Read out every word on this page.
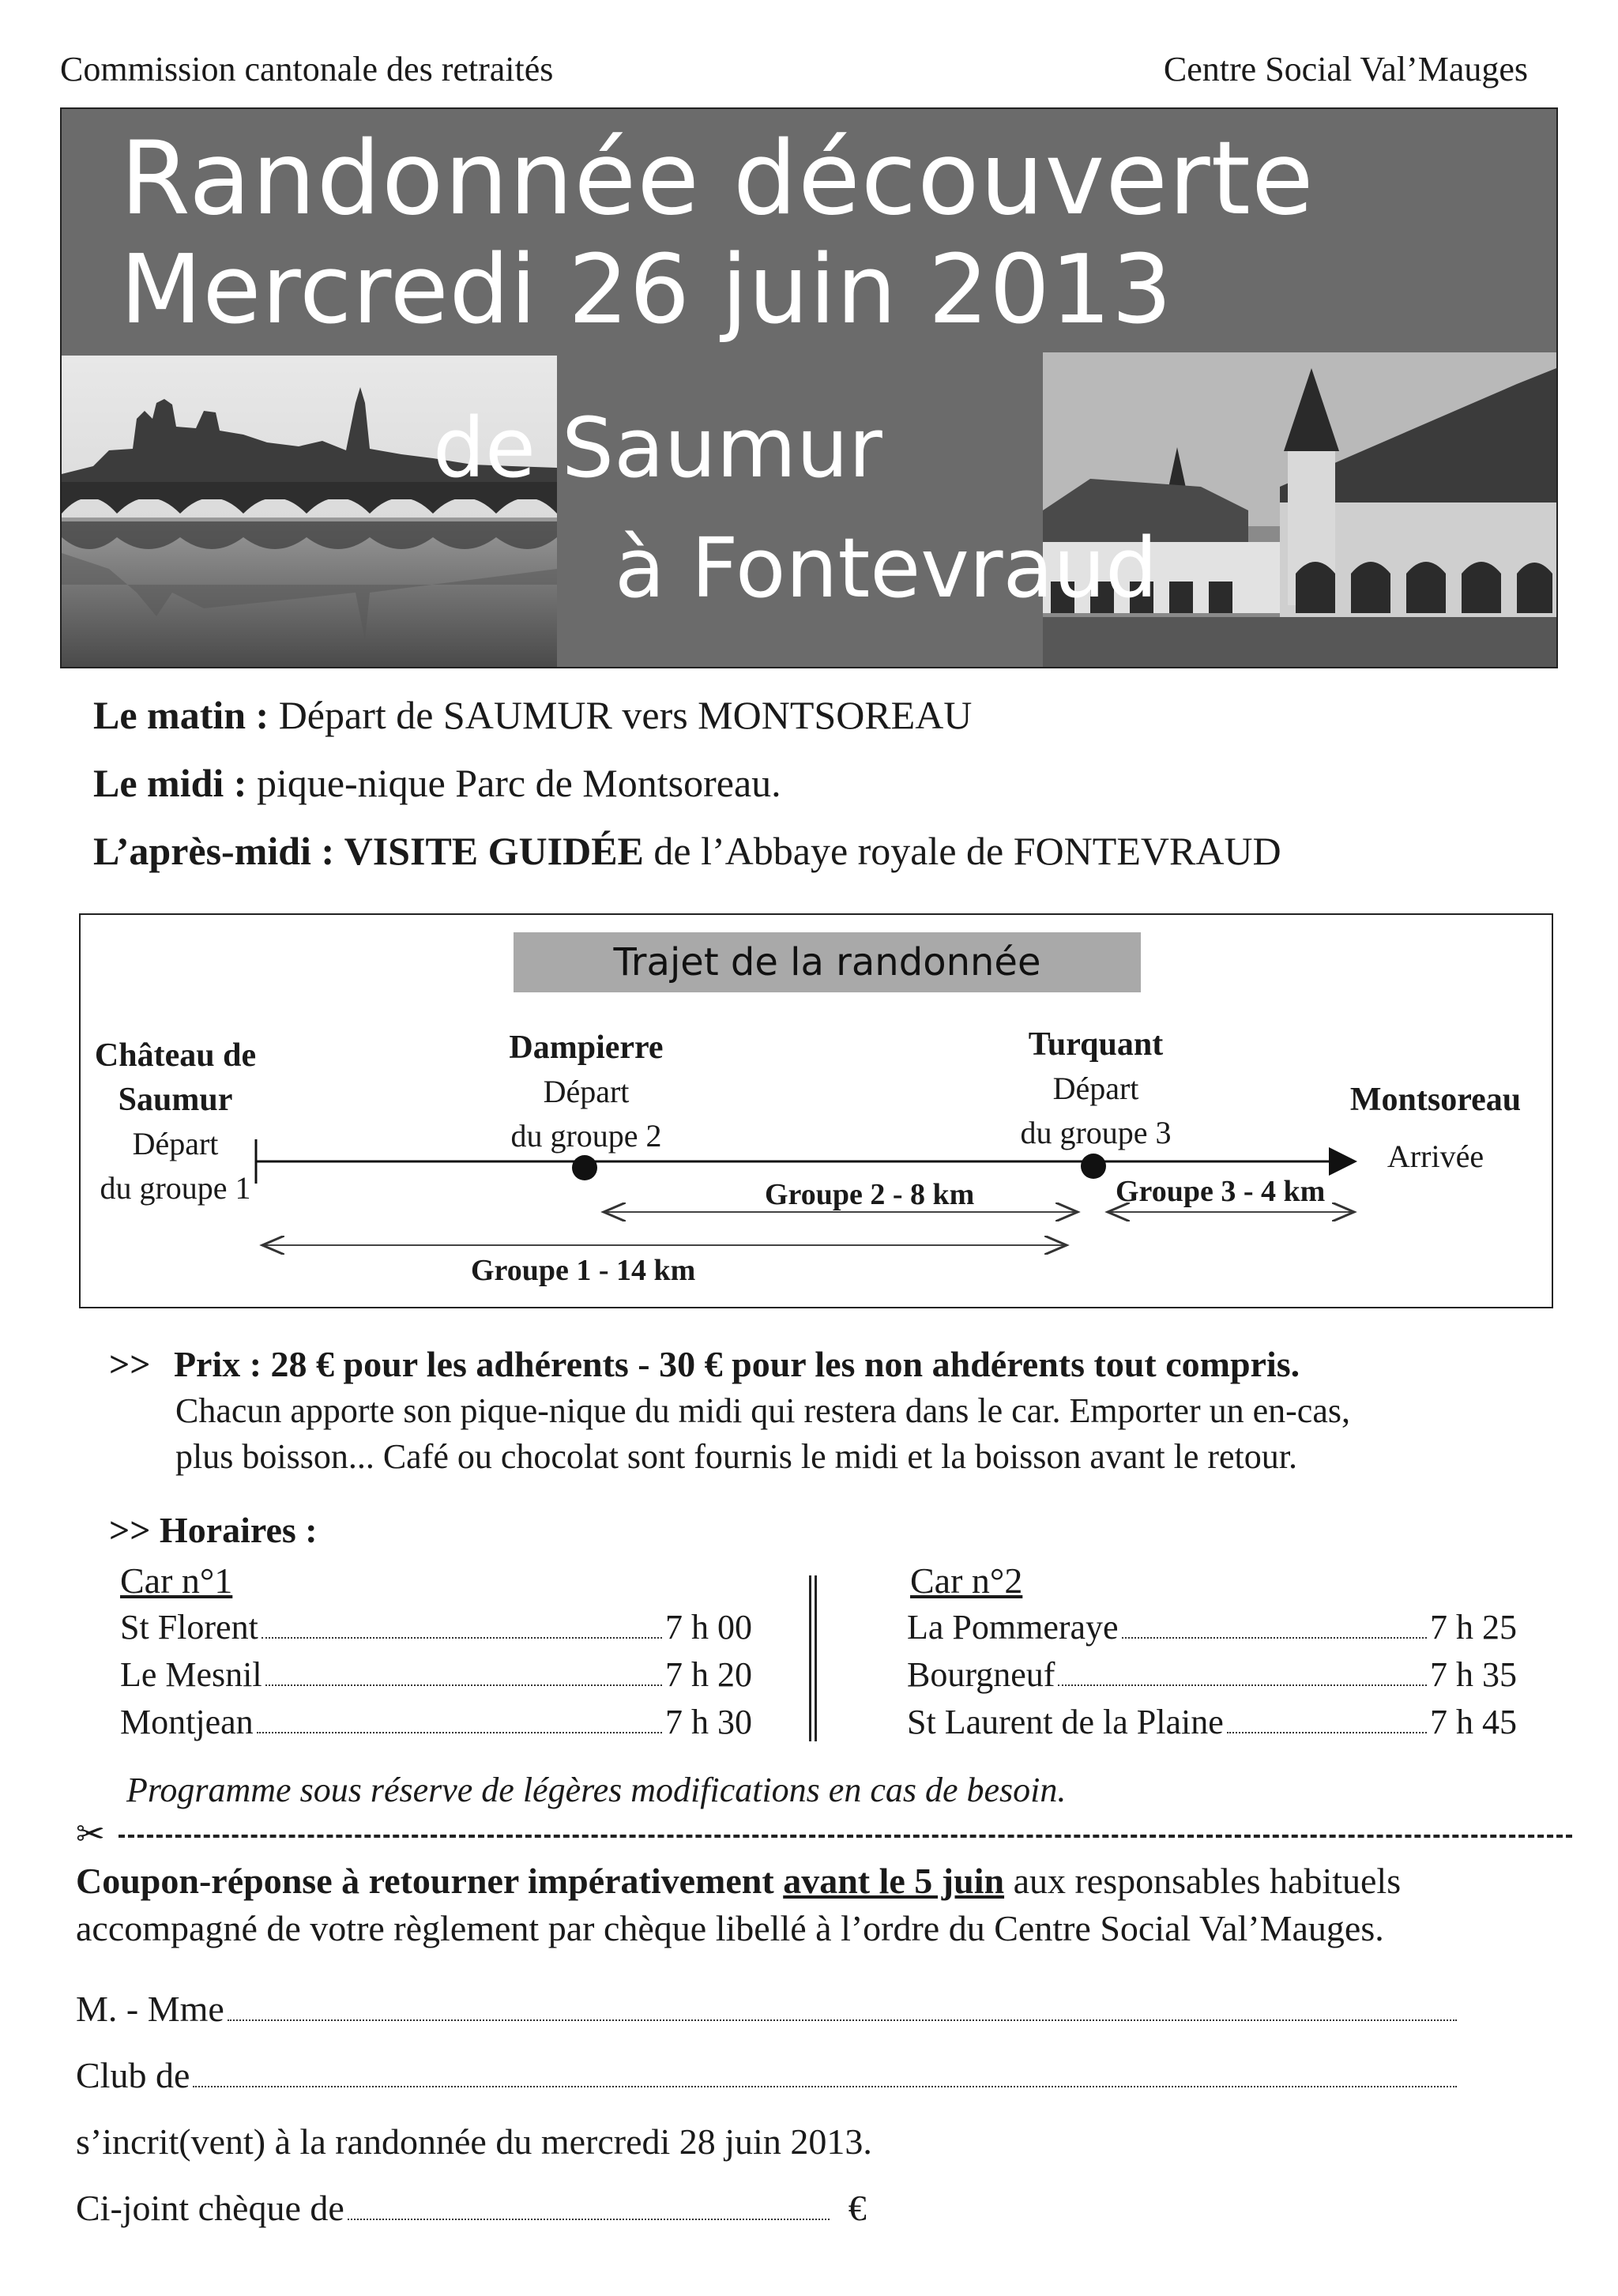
Commission cantonale des retraités	Centre Social Val’Mauges
Randonnée découverte
Mercredi 26 juin 2013
de Saumur
à Fontevraud
Le matin : Départ de SAUMUR vers MONTSOREAU
Le midi : pique-nique Parc de Montsoreau.
L’après-midi : VISITE GUIDÉE de l’Abbaye royale de FONTEVRAUD
Trajet de la randonnée
Château de
Saumur
Départ
du groupe 1
Dampierre
Départ
du groupe 2
Turquant
Départ
du groupe 3
Montsoreau
Arrivée
Groupe 2 - 8 km	Groupe 3 - 4 km
Groupe 1 - 14 km
>> Prix : 28 € pour les adhérents - 30 € pour les non ahdérents tout compris.
Chacun apporte son pique-nique du midi qui restera dans le car. Emporter un en-cas,
plus boisson... Café ou chocolat sont fournis le midi et la boisson avant le retour.
>> Horaires :
Car n°1
St Florent	7 h 00
Le Mesnil	7 h 20
Montjean	7 h 30
Car n°2
La Pommeraye	7 h 25
Bourgneuf	7 h 35
St Laurent de la Plaine	7 h 45
Programme sous réserve de légères modifications en cas de besoin.
✂
Coupon-réponse à retourner impérativement avant le 5 juin aux responsables habituels
accompagné de votre règlement par chèque libellé à l’ordre du Centre Social Val’Mauges.
M. - Mme
Club de
s’incrit(vent) à la randonnée du mercredi 28 juin 2013.
Ci-joint chèque de	€
